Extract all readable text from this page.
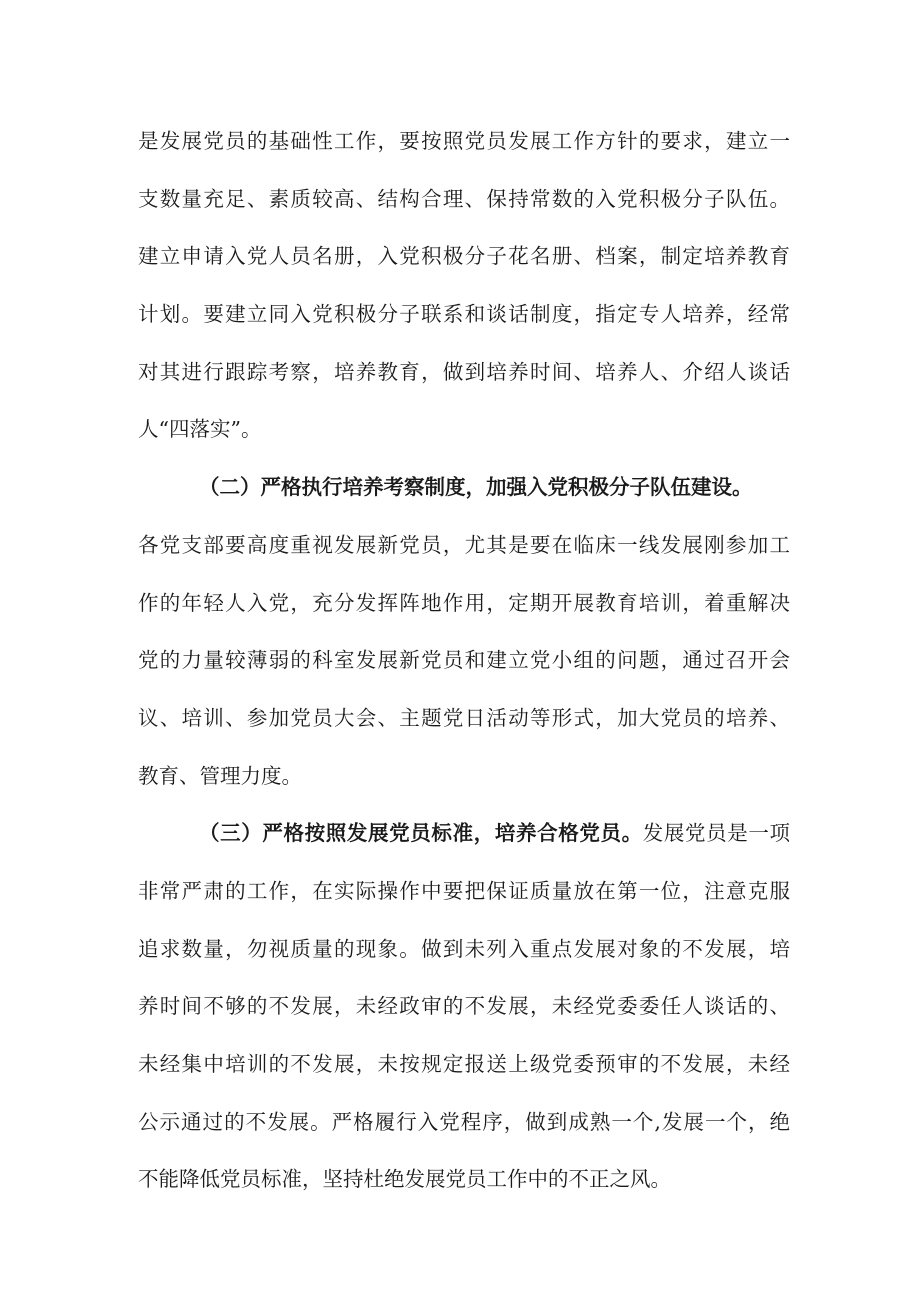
是发展党员的基础性工作，要按照党员发展工作方针的要求，建立一
支数量充足、素质较高、结构合理、保持常数的入党积极分子队伍。
建立申请入党人员名册，入党积极分子花名册、档案，制定培养教育
计划。要建立同入党积极分子联系和谈话制度，指定专人培养，经常
对其进行跟踪考察，培养教育，做到培养时间、培养人、介绍人谈话
人“四落实”。
（二）严格执行培养考察制度，加强入党积极分子队伍建设。
各党支部要高度重视发展新党员，尤其是要在临床一线发展刚参加工
作的年轻人入党，充分发挥阵地作用，定期开展教育培训，着重解决
党的力量较薄弱的科室发展新党员和建立党小组的问题，通过召开会
议、培训、参加党员大会、主题党日活动等形式，加大党员的培养、
教育、管理力度。
（三）严格按照发展党员标准，培养合格党员。发展党员是一项
非常严肃的工作，在实际操作中要把保证质量放在第一位，注意克服
追求数量，勿视质量的现象。做到未列入重点发展对象的不发展，培
养时间不够的不发展，未经政审的不发展，未经党委委任人谈话的、
未经集中培训的不发展，未按规定报送上级党委预审的不发展，未经
公示通过的不发展。严格履行入党程序，做到成熟一个,发展一个，绝
不能降低党员标准，坚持杜绝发展党员工作中的不正之风。
